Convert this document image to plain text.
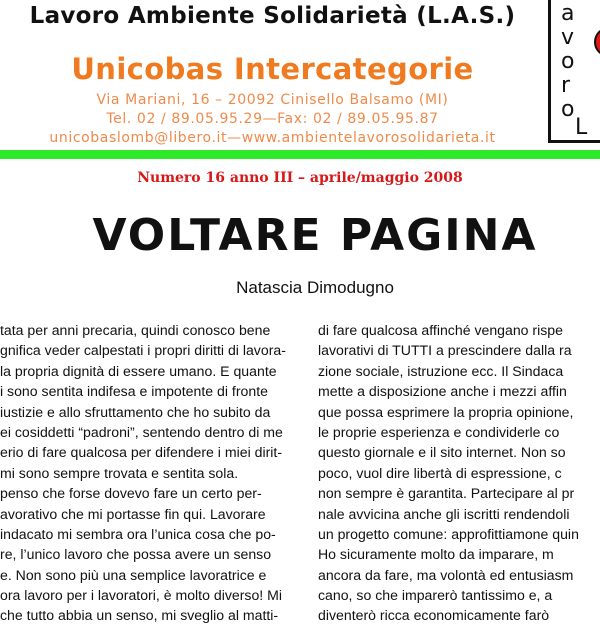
Lavoro Ambiente Solidarietà (L.A.S.)
Unicobas Intercategorie
Via Mariani, 16 – 20092 Cinisello Balsamo (MI)
Tel. 02 / 89.05.95.29—Fax: 02 / 89.05.95.87
unicobaslomb@libero.it—www.ambientelavorosolidarieta.it
a
v
o
r
o
L
Numero 16 anno III – aprile/maggio 2008
VOLTARE PAGINA
Natascia Dimodugno
tata per anni precaria, quindi conosco bene
gnifica veder calpestati i propri diritti di lavora-
la propria dignità di essere umano. E quante
i sono sentita indifesa e impotente di fronte
iustizie e allo sfruttamento che ho subito da
ei cosiddetti “padroni”, sentendo dentro di me
erio di fare qualcosa per difendere i miei dirit-
mi sono sempre trovata e sentita sola.
penso che forse dovevo fare un certo per-
avorativo che mi portasse fin qui. Lavorare
indacato mi sembra ora l’unica cosa che po-
re, l’unico lavoro che possa avere un senso
e. Non sono più una semplice lavoratrice e
ora lavoro per i lavoratori, è molto diverso! Mi
che tutto abbia un senso, mi sveglio al matti-
di fare qualcosa affinché vengano rispe
lavorativi di TUTTI a prescindere dalla ra
zione sociale, istruzione ecc. Il Sindaca
mette a disposizione anche i mezzi affin
que possa esprimere la propria opinione,
le proprie esperienza e condividerle co
questo giornale e il sito internet. Non so
poco, vuol dire libertà di espressione, c
non sempre è garantita. Partecipare al pr
nale avvicina anche gli iscritti rendendoli
un progetto comune: approfittiamone quin
Ho sicuramente molto da imparare, m
ancora da fare, ma volontà ed entusiasm
cano, so che imparerò tantissimo e, a
diventerò ricca economicamente farò
